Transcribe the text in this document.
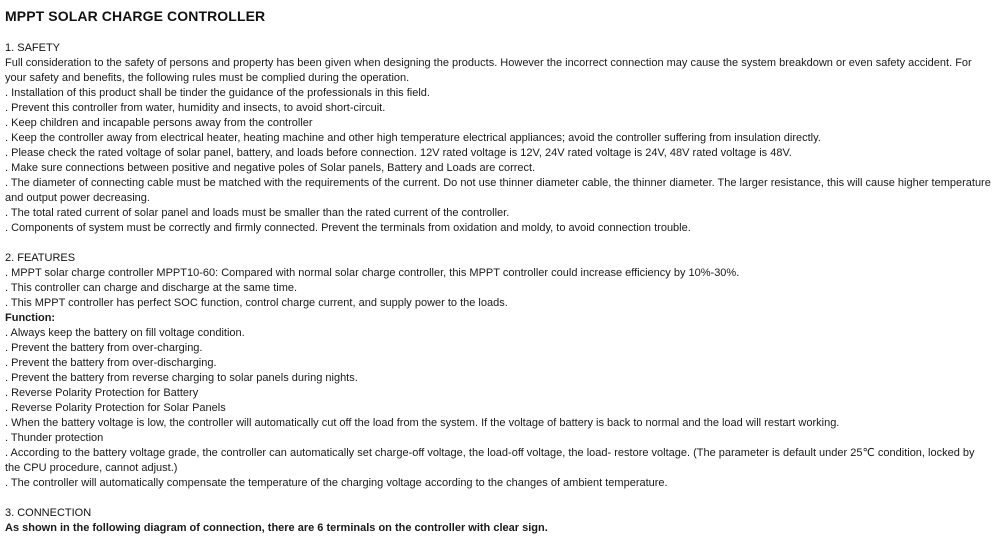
MPPT SOLAR CHARGE CONTROLLER
1. SAFETY
Full consideration to the safety of persons and property has been given when designing the products. However the incorrect connection may cause the system breakdown or even safety accident. For your safety and benefits, the following rules must be complied during the operation.
. Installation of this product shall be tinder the guidance of the professionals in this field.
. Prevent this controller from water, humidity and insects, to avoid short-circuit.
. Keep children and incapable persons away from the controller
. Keep the controller away from electrical heater, heating machine and other high temperature electrical appliances; avoid the controller suffering from insulation directly.
. Please check the rated voltage of solar panel, battery, and loads before connection. 12V rated voltage is 12V, 24V rated voltage is 24V, 48V rated voltage is 48V.
. Make sure connections between positive and negative poles of Solar panels, Battery and Loads are correct.
. The diameter of connecting cable must be matched with the requirements of the current. Do not use thinner diameter cable, the thinner diameter. The larger resistance, this will cause higher temperature and output power decreasing.
. The total rated current of solar panel and loads must be smaller than the rated current of the controller.
. Components of system must be correctly and firmly connected. Prevent the terminals from oxidation and moldy, to avoid connection trouble.
2. FEATURES
. MPPT solar charge controller MPPT10-60: Compared with normal solar charge controller, this MPPT controller could increase efficiency by 10%-30%.
. This controller can charge and discharge at the same time.
. This MPPT controller has perfect SOC function, control charge current, and supply power to the loads.
Function:
. Always keep the battery on fill voltage condition.
. Prevent the battery from over-charging.
. Prevent the battery from over-discharging.
. Prevent the battery from reverse charging to solar panels during nights.
. Reverse Polarity Protection for Battery
. Reverse Polarity Protection for Solar Panels
. When the battery voltage is low, the controller will automatically cut off the load from the system. If the voltage of battery is back to normal and the load will restart working.
. Thunder protection
. According to the battery voltage grade, the controller can automatically set charge-off voltage, the load-off voltage, the load- restore voltage. (The parameter is default under 25℃ condition, locked by the CPU procedure, cannot adjust.)
. The controller will automatically compensate the temperature of the charging voltage according to the changes of ambient temperature.
3. CONNECTION
As shown in the following diagram of connection, there are 6 terminals on the controller with clear sign.
